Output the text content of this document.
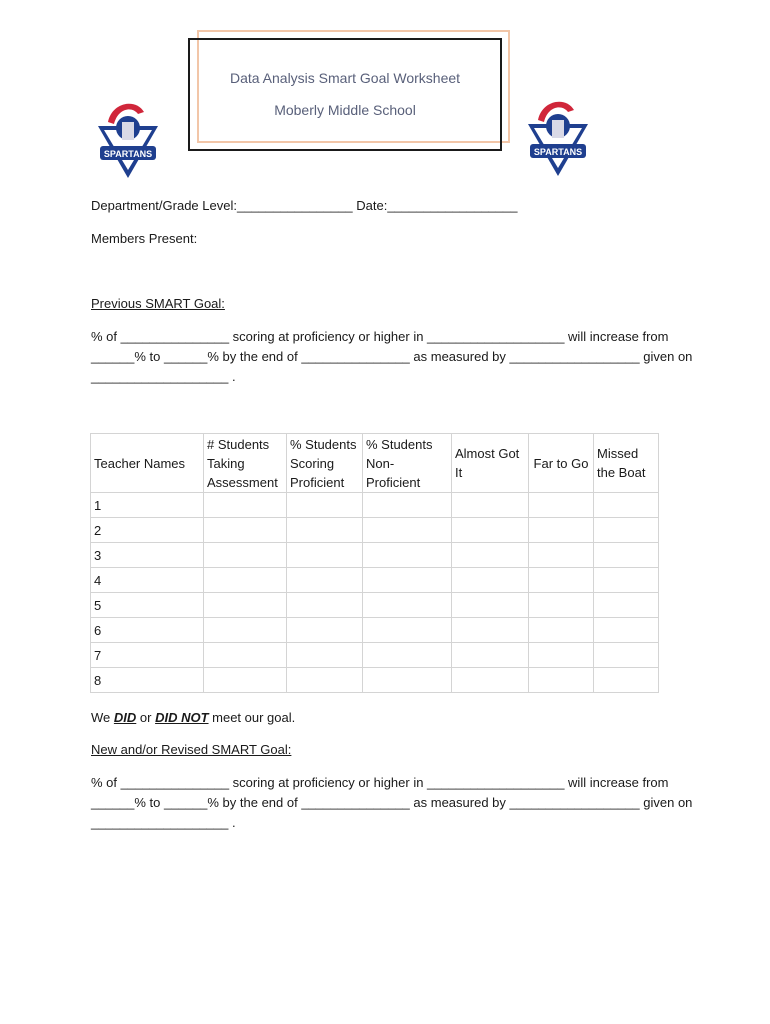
Data Analysis Smart Goal Worksheet
Moberly Middle School
SPARTANS	SPARTANS
Department/Grade Level:________________ Date:__________________
Members Present:
Previous SMART Goal:
% of _______________ scoring at proficiency or higher in ___________________ will increase from
______% to ______% by the end of _______________ as measured by __________________ given on
___________________ .
Teacher Names	# Students Taking Assessment	% Students Scoring Proficient	% Students Non-Proficient	Almost Got It	Far to Go	Missed the Boat
1						
2						
3						
4						
5						
6						
7						
8						
We DID or DID NOT meet our goal.
New and/or Revised SMART Goal:
% of _______________ scoring at proficiency or higher in ___________________ will increase from
______% to ______% by the end of _______________ as measured by __________________ given on
___________________ .
